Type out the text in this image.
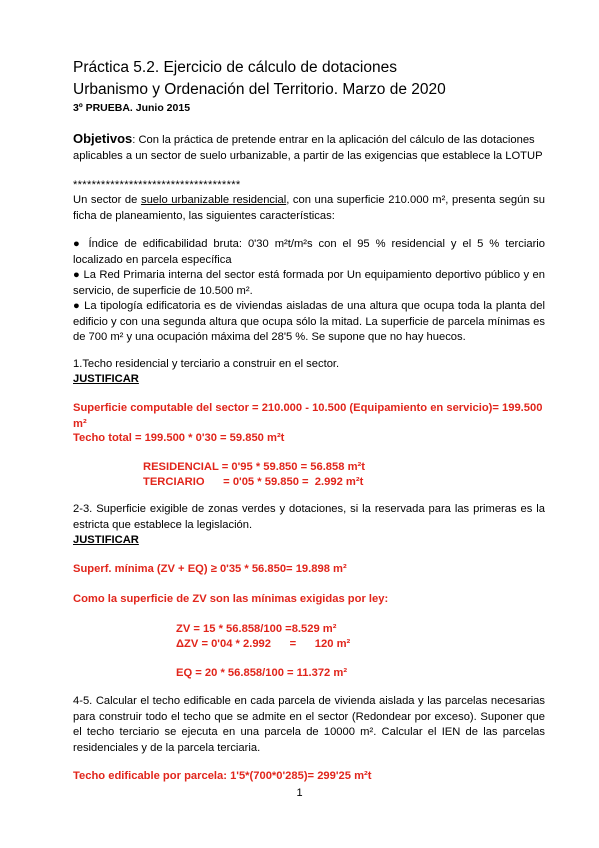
Práctica 5.2. Ejercicio de cálculo de dotaciones
Urbanismo y Ordenación del Territorio. Marzo de 2020
3º PRUEBA. Junio 2015
Objetivos: Con la práctica de pretende entrar en la aplicación del cálculo de las dotaciones aplicables a un sector de suelo urbanizable, a partir de las exigencias que establece la LOTUP
************************************
Un sector de suelo urbanizable residencial, con una superficie 210.000 m², presenta según su ficha de planeamiento, las siguientes características:

● Índice de edificabilidad bruta: 0'30 m²t/m²s con el 95 % residencial y el 5 % terciario localizado en parcela específica

● La Red Primaria interna del sector está formada por Un equipamiento deportivo público y en servicio, de superficie de 10.500 m².

● La tipología edificatoria es de viviendas aisladas de una altura que ocupa toda la planta del edificio y con una segunda altura que ocupa sólo la mitad. La superficie de parcela mínimas es de 700 m² y una ocupación máxima del 28'5 %. Se supone que no hay huecos.

1.Techo residencial y terciario a construir en el sector.
JUSTIFICAR
Superficie computable del sector = 210.000 - 10.500 (Equipamiento en servicio)= 199.500 m²
Techo total = 199.500 * 0'30 = 59.850 m²t
RESIDENCIAL = 0'95 * 59.850 = 56.858 m²t
TERCIARIO      = 0'05 * 59.850 =  2.992 m²t
2-3. Superficie exigible de zonas verdes y dotaciones, si la reservada para las primeras es la estricta que establece la legislación.
JUSTIFICAR
Superf. mínima (ZV + EQ) ≥ 0'35 * 56.850= 19.898 m²
Como la superficie de ZV son las mínimas exigidas por ley:
ZV = 15 * 56.858/100 =8.529 m²
ΔZV = 0'04 * 2.992      =      120 m²
EQ = 20 * 56.858/100 = 11.372 m²
4-5. Calcular el techo edificable en cada parcela de vivienda aislada y las parcelas necesarias para construir todo el techo que se admite en el sector (Redondear por exceso). Suponer que el techo terciario se ejecuta en una parcela de 10000 m². Calcular el IEN de las parcelas residenciales y de la parcela terciaria.
Techo edificable por parcela: 1'5*(700*0'285)= 299'25 m²t
1
